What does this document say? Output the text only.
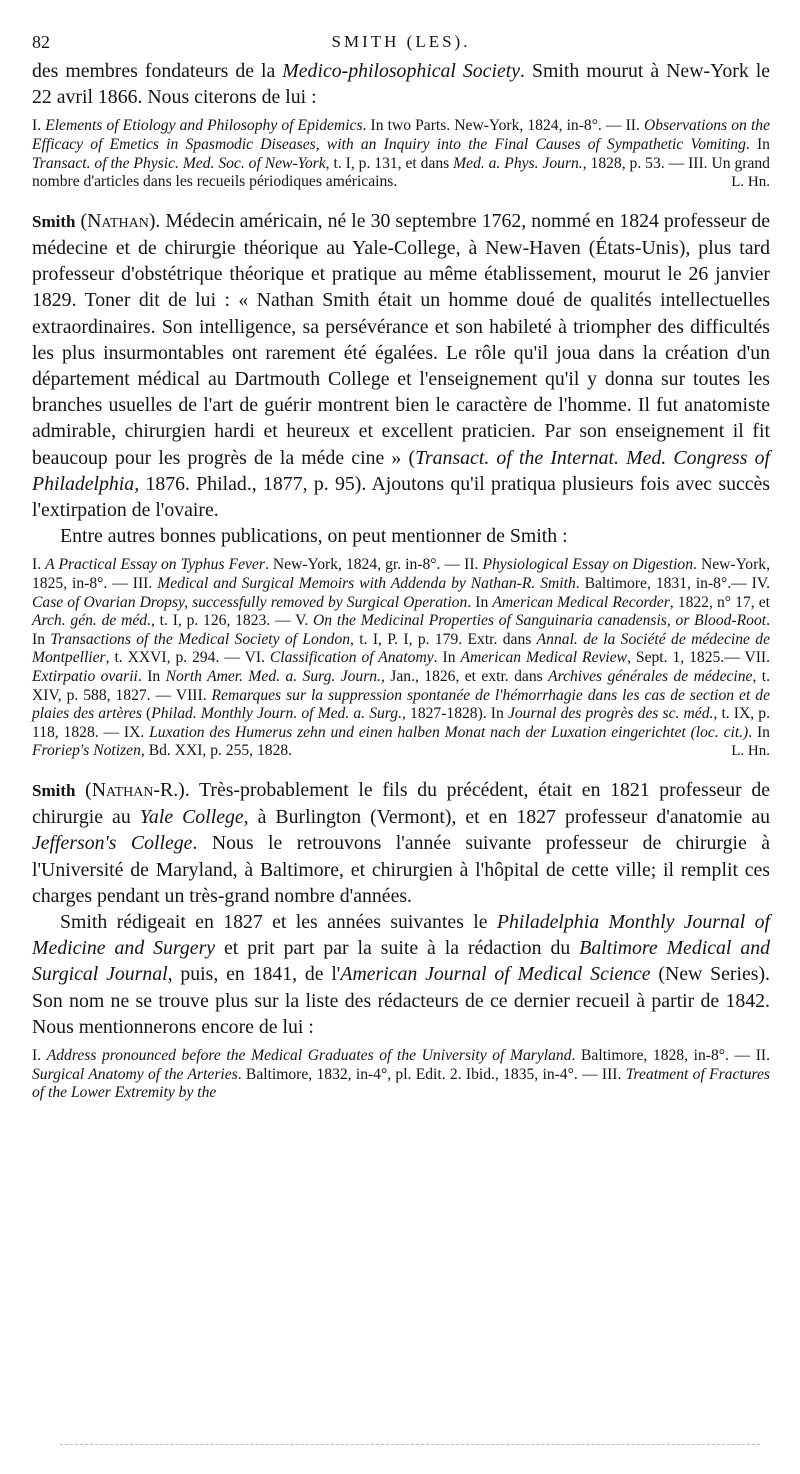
82	SMITH (LES).

des membres fondateurs de la Medico-philosophical Society. Smith mourut à New-York le 22 avril 1866. Nous citerons de lui :

I. Elements of Etiology and Philosophy of Epidemics. In two Parts. New-York, 1824, in-8°. — II. Observations on the Efficacy of Emetics in Spasmodic Diseases, with an Inquiry into the Final Causes of Sympathetic Vomiting. In Transact. of the Physic. Med. Soc. of New-York, t. I, p. 131, et dans Med. a. Phys. Journ., 1828, p. 53. — III. Un grand nombre d'articles dans les recueils périodiques américains.	L. Hn.

Smith (Nathan). Médecin américain, né le 30 septembre 1762, nommé en 1824 professeur de médecine et de chirurgie théorique au Yale-College, à New-Haven (États-Unis), plus tard professeur d'obstétrique théorique et pratique au même établissement, mourut le 26 janvier 1829. Toner dit de lui : « Nathan Smith était un homme doué de qualités intellectuelles extraordinaires. Son intelligence, sa persévérance et son habileté à triompher des difficultés les plus insurmontables ont rarement été égalées. Le rôle qu'il joua dans la création d'un département médical au Dartmouth College et l'enseignement qu'il y donna sur toutes les branches usuelles de l'art de guérir montrent bien le caractère de l'homme. Il fut anatomiste admirable, chirurgien hardi et heureux et excellent praticien. Par son enseignement il fit beaucoup pour les progrès de la méde cine » (Transact. of the Internat. Med. Congress of Philadelphia, 1876. Philad., 1877, p. 95). Ajoutons qu'il pratiqua plusieurs fois avec succès l'extirpation de l'ovaire.

Entre autres bonnes publications, on peut mentionner de Smith :

I. A Practical Essay on Typhus Fever. New-York, 1824, gr. in-8°. — II. Physiological Essay on Digestion. New-York, 1825, in-8°. — III. Medical and Surgical Memoirs with Addenda by Nathan-R. Smith. Baltimore, 1831, in-8°.— IV. Case of Ovarian Dropsy, successfully removed by Surgical Operation. In American Medical Recorder, 1822, n° 17, et Arch. gén. de méd., t. I, p. 126, 1823. — V. On the Medicinal Properties of Sanguinaria canadensis, or Blood-Root. In Transactions of the Medical Society of London, t. I, P. I, p. 179. Extr. dans Annal. de la Société de médecine de Montpellier, t. XXVI, p. 294. — VI. Classification of Anatomy. In American Medical Review, Sept. 1, 1825.— VII. Extirpatio ovarii. In North Amer. Med. a. Surg. Journ., Jan., 1826, et extr. dans Archives générales de médecine, t. XIV, p. 588, 1827. — VIII. Remarques sur la suppression spontanée de l'hémorrhagie dans les cas de section et de plaies des artères (Philad. Monthly Journ. of Med. a. Surg., 1827-1828). In Journal des progrès des sc. méd., t. IX, p. 118, 1828. — IX. Luxation des Humerus zehn und einen halben Monat nach der Luxation eingerichtet (loc. cit.). In Froriep's Notizen, Bd. XXI, p. 255, 1828.	L. Hn.

Smith (Nathan-R.). Très-probablement le fils du précédent, était en 1821 professeur de chirurgie au Yale College, à Burlington (Vermont), et en 1827 professeur d'anatomie au Jefferson's College. Nous le retrouvons l'année suivante professeur de chirurgie à l'Université de Maryland, à Baltimore, et chirurgien à l'hôpital de cette ville; il remplit ces charges pendant un très-grand nombre d'années.

Smith rédigeait en 1827 et les années suivantes le Philadelphia Monthly Journal of Medicine and Surgery et prit part par la suite à la rédaction du Baltimore Medical and Surgical Journal, puis, en 1841, de l'American Journal of Medical Science (New Series). Son nom ne se trouve plus sur la liste des rédacteurs de ce dernier recueil à partir de 1842. Nous mentionnerons encore de lui :

I. Address pronounced before the Medical Graduates of the University of Maryland. Baltimore, 1828, in-8°. — II. Surgical Anatomy of the Arteries. Baltimore, 1832, in-4°, pl. Edit. 2. Ibid., 1835, in-4°. — III. Treatment of Fractures of the Lower Extremity by the
